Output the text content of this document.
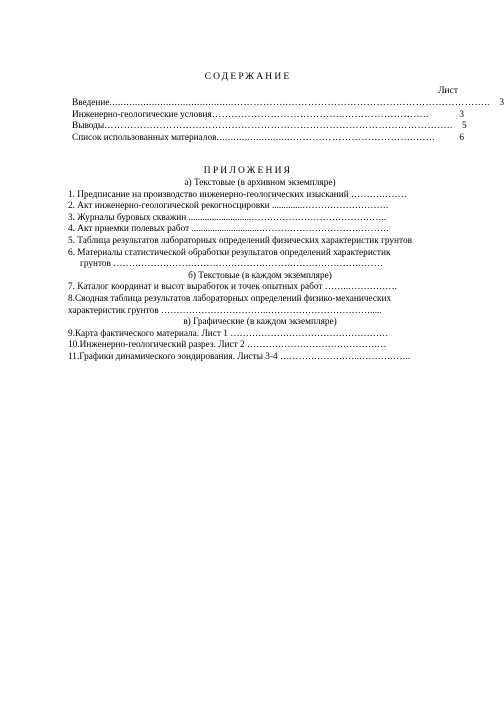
СОДЕРЖАНИЕ
Лист
Введение ............................................……………..……………………………………………………..	3
Инженерно-геологические условия …………………………………..……………………..	3
Выводы ……………………………………………………………………………………………..	5
Список использованных материалов ...........................………………………………..……	6
ПРИЛОЖЕНИЯ
а) Текстовые (в архивном экземпляре)
1. Предписание на производство инженерно-геологических изысканий ………………
2. Акт инженерно-геологической рекогносцировки .............……………………….
3. Журналы буровых скважин ...........................……………………………………..
4. Акт приемки полевых работ .............................……………………………………
5. Таблица результатов лабораторных определений физических характеристик грунтов
6. Материалы статистической обработки результатов определений характеристик
грунтов ……………………………………………………………………………
б) Текстовые (в каждом экземпляре)
7. Каталог координат и высот выработок и точек опытных работ ……..…………….
8.Сводная таблица результатов лабораторных определений физико-механических
характеристик грунтов ……………………………..…………………………….....
в) Графические (в каждом экземпляре)
9.Карта фактического материала. Лист 1 ……………………………………………
10.Инженерно-геологический разрез. Лист 2 ………………………………………
11.Графики динамического зондирования. Листы 3-4 ……………………..……………..
